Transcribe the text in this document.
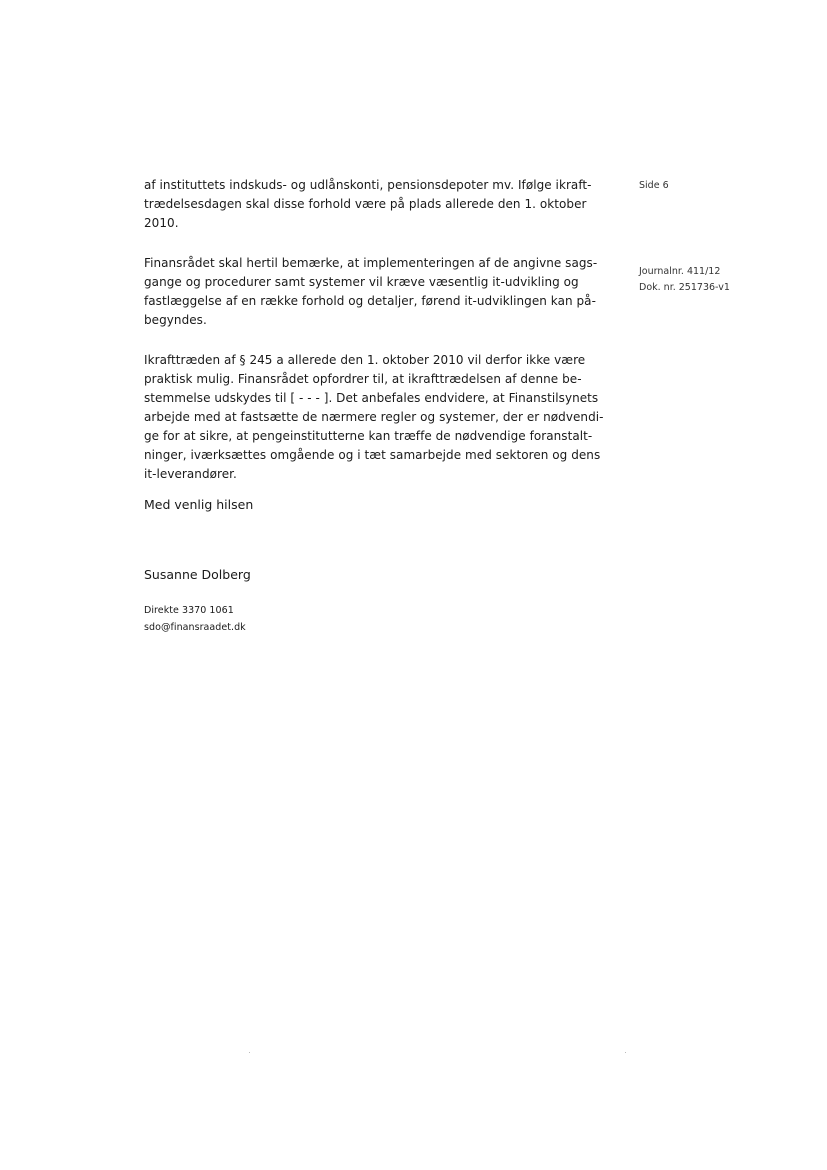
af instituttets indskuds- og udlånskonti, pensionsdepoter mv. Ifølge ikraft-
trædelsesdagen skal disse forhold være på plads allerede den 1. oktober
2010.
Finansrådet skal hertil bemærke, at implementeringen af de angivne sags-
gange og procedurer samt systemer vil kræve væsentlig it-udvikling og
fastlæggelse af en række forhold og detaljer, førend it-udviklingen kan på-
begyndes.
Ikrafttræden af § 245 a allerede den 1. oktober 2010 vil derfor ikke være
praktisk mulig. Finansrådet opfordrer til, at ikrafttrædelsen af denne be-
stemmelse udskydes til [ - - - ]. Det anbefales endvidere, at Finanstilsynets
arbejde med at fastsætte de nærmere regler og systemer, der er nødvendi-
ge for at sikre, at pengeinstitutterne kan træffe de nødvendige foranstalt-
ninger, iværksættes omgående og i tæt samarbejde med sektoren og dens
it-leverandører.
Med venlig hilsen
Susanne Dolberg
Direkte 3370 1061
sdo@finansraadet.dk
Side 6
Journalnr. 411/12
Dok. nr. 251736-v1
